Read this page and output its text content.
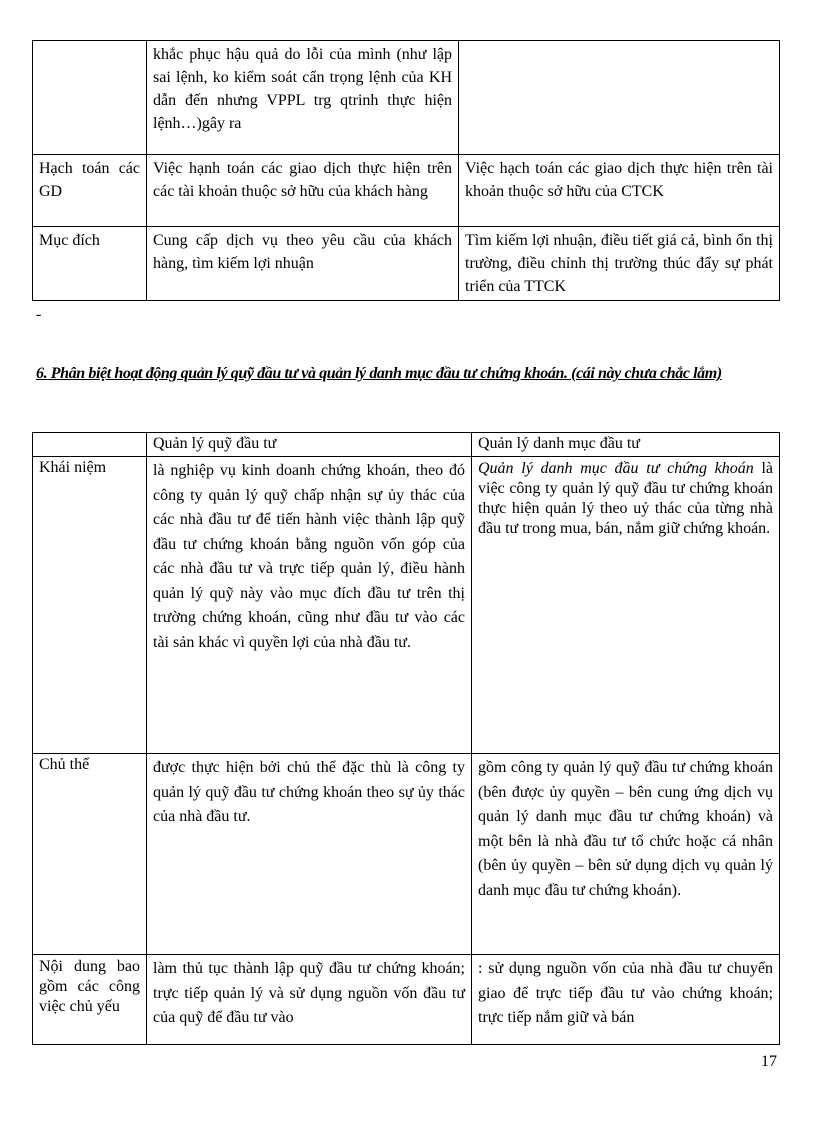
	khắc phục hậu quả do lỗi của mình (như lập sai lệnh, ko kiểm soát cẩn trọng lệnh của KH dẫn đến nhưng VPPL trg qtrinh thực hiện lệnh…)gây ra	
Hạch toán các GD	Việc hạnh toán các giao dịch thực hiện trên các tài khoản thuộc sở hữu của khách hàng	Việc hạch toán các giao dịch thực hiện trên tài khoản thuộc sở hữu của CTCK
Mục đích	Cung cấp dịch vụ theo yêu cầu của khách hàng, tìm kiếm lợi nhuận	Tìm kiếm lợi nhuận, điều tiết giá cả, bình ổn thị trường, điều chỉnh thị trường thúc đẩy sự phát triển của TTCK
-
6. Phân biệt hoạt động quản lý quỹ đầu tư và quản lý danh mục đầu tư chứng khoán. (cái này chưa chắc lắm)
	Quản lý quỹ đầu tư	Quản lý danh mục đầu tư
Khái niệm	là nghiệp vụ kinh doanh chứng khoán, theo đó công ty quản lý quỹ chấp nhận sự ủy thác của các nhà đầu tư để tiến hành việc thành lập quỹ đầu tư chứng khoán bằng nguồn vốn góp của các nhà đầu tư và trực tiếp quản lý, điều hành quản lý quỹ này vào mục đích đầu tư trên thị trường chứng khoán, cũng như đầu tư vào các tài sản khác vì quyền lợi của nhà đầu tư.	Quản lý danh mục đầu tư chứng khoán là việc công ty quản lý quỹ đầu tư chứng khoán thực hiện quản lý theo uỷ thác của từng nhà đầu tư trong mua, bán, nắm giữ chứng khoán.
Chủ thể	được thực hiện bởi chủ thể đặc thù là công ty quản lý quỹ đầu tư chứng khoán theo sự ủy thác của nhà đầu tư.	gồm công ty quản lý quỹ đầu tư chứng khoán (bên được ủy quyền – bên cung ứng dịch vụ quản lý danh mục đầu tư chứng khoán) và một bên là nhà đầu tư tổ chức hoặc cá nhân (bên ủy quyền – bên sử dụng dịch vụ quản lý danh mục đầu tư chứng khoán).
Nội dung bao gồm các công việc chủ yếu	làm thủ tục thành lập quỹ đầu tư chứng khoán; trực tiếp quản lý và sử dụng nguồn vốn đầu tư của quỹ để đầu tư vào	: sử dụng nguồn vốn của nhà đầu tư chuyển giao để trực tiếp đầu tư vào chứng khoán; trực tiếp nắm giữ và bán
17
